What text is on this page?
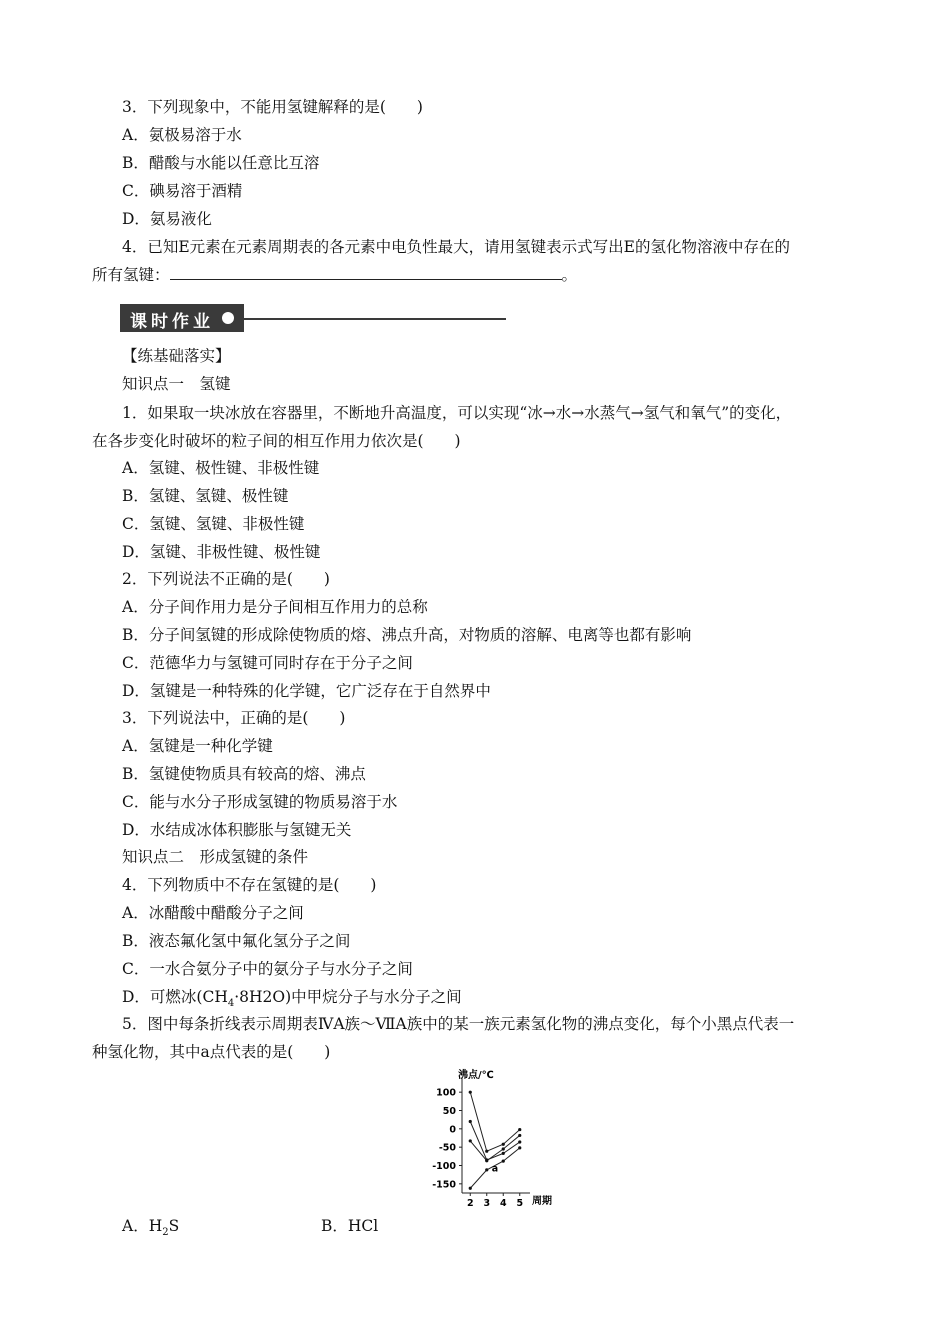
3．下列现象中，不能用氢键解释的是(　　)
A．氨极易溶于水
B．醋酸与水能以任意比互溶
C．碘易溶于酒精
D．氨易液化
4．已知E元素在元素周期表的各元素中电负性最大，请用氢键表示式写出E的氢化物溶液中存在的
所有氢键：	。
课时作业
【练基础落实】
知识点一　氢键
1．如果取一块冰放在容器里，不断地升高温度，可以实现“冰→水→水蒸气→氢气和氧气”的变化，
在各步变化时破坏的粒子间的相互作用力依次是(　　)
A．氢键、极性键、非极性键
B．氢键、氢键、极性键
C．氢键、氢键、非极性键
D．氢键、非极性键、极性键
2．下列说法不正确的是(　　)
A．分子间作用力是分子间相互作用力的总称
B．分子间氢键的形成除使物质的熔、沸点升高，对物质的溶解、电离等也都有影响
C．范德华力与氢键可同时存在于分子之间
D．氢键是一种特殊的化学键，它广泛存在于自然界中
3．下列说法中，正确的是(　　)
A．氢键是一种化学键
B．氢键使物质具有较高的熔、沸点
C．能与水分子形成氢键的物质易溶于水
D．水结成冰体积膨胀与氢键无关
知识点二　形成氢键的条件
4．下列物质中不存在氢键的是(　　)
A．冰醋酸中醋酸分子之间
B．液态氟化氢中氟化氢分子之间
C．一水合氨分子中的氨分子与水分子之间
D．可燃冰$(CH_4\cdot 8H2O)$中甲烷分子与水分子之间
5．图中每条折线表示周期表ⅣA族～ⅦA族中的某一族元素氢化物的沸点变化，每个小黑点代表一
种氢化物，其中a点代表的是(　　)
100
50
0
-50
-100
-150
2 3 4 5
a
沸点/℃
周期
A．$H_2S$	B．HCl
